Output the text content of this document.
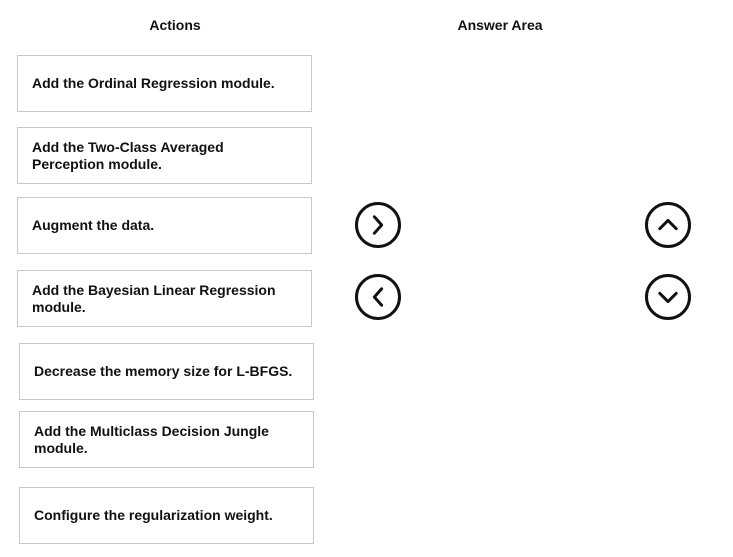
Actions	Answer Area
Add the Ordinal Regression module.
Add the Two-Class Averaged Perception module.
Augment the data.
Add the Bayesian Linear Regression module.
Decrease the memory size for L-BFGS.
Add the Multiclass Decision Jungle module.
Configure the regularization weight.
